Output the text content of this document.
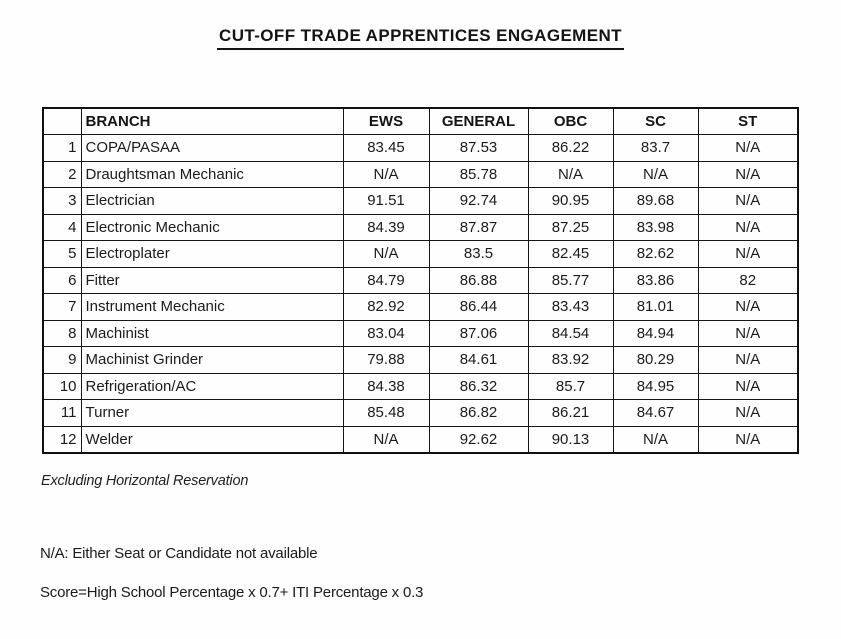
CUT-OFF TRADE APPRENTICES ENGAGEMENT
	BRANCH	EWS	GENERAL	OBC	SC	ST
1	COPA/PASAA	83.45	87.53	86.22	83.7	N/A
2	Draughtsman Mechanic	N/A	85.78	N/A	N/A	N/A
3	Electrician	91.51	92.74	90.95	89.68	N/A
4	Electronic Mechanic	84.39	87.87	87.25	83.98	N/A
5	Electroplater	N/A	83.5	82.45	82.62	N/A
6	Fitter	84.79	86.88	85.77	83.86	82
7	Instrument Mechanic	82.92	86.44	83.43	81.01	N/A
8	Machinist	83.04	87.06	84.54	84.94	N/A
9	Machinist Grinder	79.88	84.61	83.92	80.29	N/A
10	Refrigeration/AC	84.38	86.32	85.7	84.95	N/A
11	Turner	85.48	86.82	86.21	84.67	N/A
12	Welder	N/A	92.62	90.13	N/A	N/A
Excluding Horizontal Reservation
N/A: Either Seat or Candidate not available
Score=High School Percentage x 0.7+ ITI Percentage x 0.3
